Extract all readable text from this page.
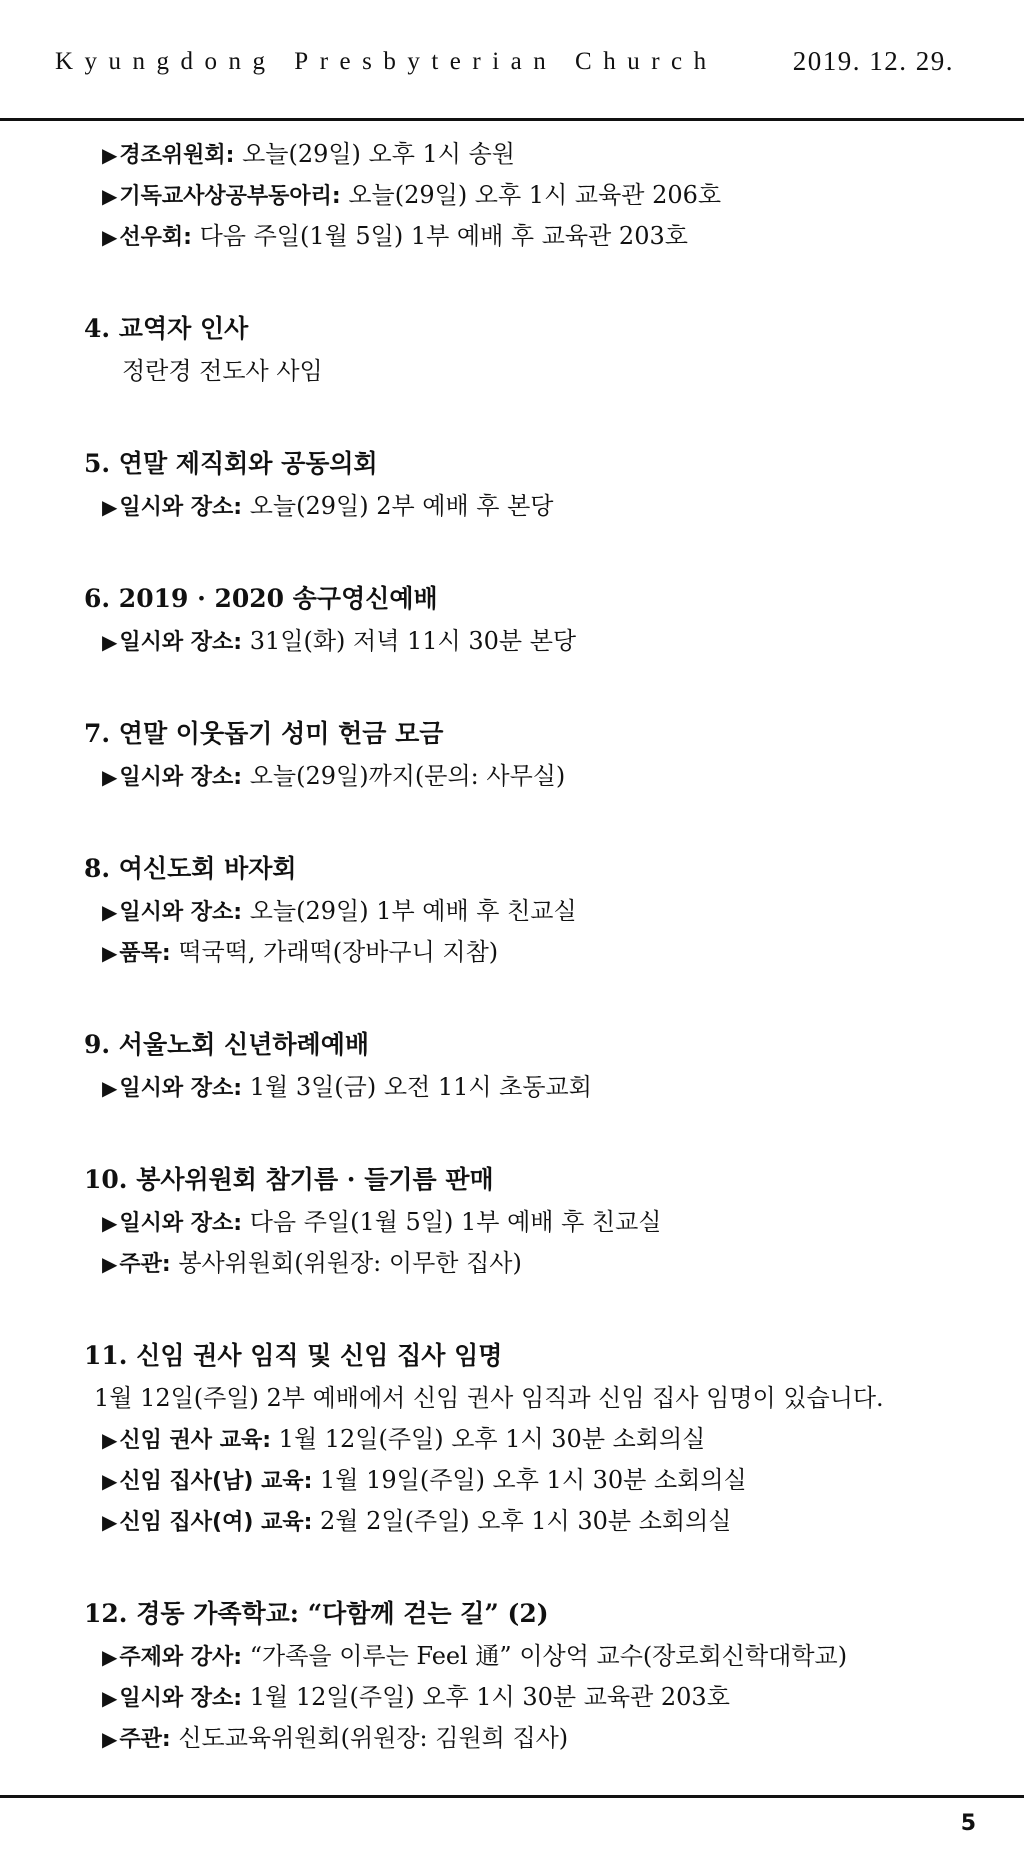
Kyungdong Presbyterian Church	2019. 12. 29.
▶경조위원회: 오늘(29일) 오후 1시 송원
▶기독교사상공부동아리: 오늘(29일) 오후 1시 교육관 206호
▶선우회: 다음 주일(1월 5일) 1부 예배 후 교육관 203호
4. 교역자 인사
정란경 전도사 사임
5. 연말 제직회와 공동의회
▶일시와 장소: 오늘(29일) 2부 예배 후 본당
6. 2019 · 2020 송구영신예배
▶일시와 장소: 31일(화) 저녁 11시 30분 본당
7. 연말 이웃돕기 성미 헌금 모금
▶일시와 장소: 오늘(29일)까지(문의: 사무실)
8. 여신도회 바자회
▶일시와 장소: 오늘(29일) 1부 예배 후 친교실
▶품목: 떡국떡, 가래떡(장바구니 지참)
9. 서울노회 신년하례예배
▶일시와 장소: 1월 3일(금) 오전 11시 초동교회
10. 봉사위원회 참기름 · 들기름 판매
▶일시와 장소: 다음 주일(1월 5일) 1부 예배 후 친교실
▶주관: 봉사위원회(위원장: 이무한 집사)
11. 신임 권사 임직 및 신임 집사 임명
1월 12일(주일) 2부 예배에서 신임 권사 임직과 신임 집사 임명이 있습니다.
▶신임 권사 교육: 1월 12일(주일) 오후 1시 30분 소회의실
▶신임 집사(남) 교육: 1월 19일(주일) 오후 1시 30분 소회의실
▶신임 집사(여) 교육: 2월 2일(주일) 오후 1시 30분 소회의실
12. 경동 가족학교: “다함께 걷는 길” (2)
▶주제와 강사: “가족을 이루는 Feel 通” 이상억 교수(장로회신학대학교)
▶일시와 장소: 1월 12일(주일) 오후 1시 30분 교육관 203호
▶주관: 신도교육위원회(위원장: 김원희 집사)
5
